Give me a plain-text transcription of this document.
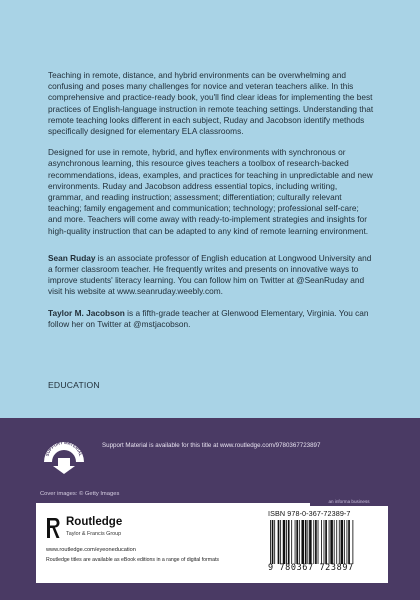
Teaching in remote, distance, and hybrid environments can be overwhelming and confusing and poses many challenges for novice and veteran teachers alike. In this comprehensive and practice-ready book, you'll find clear ideas for implementing the best practices of English-language instruction in remote teaching settings. Understanding that remote teaching looks different in each subject, Ruday and Jacobson identify methods specifically designed for elementary ELA classrooms.

Designed for use in remote, hybrid, and hyflex environments with synchronous or asynchronous learning, this resource gives teachers a toolbox of research-backed recommendations, ideas, examples, and practices for teaching in unpredictable and new environments. Ruday and Jacobson address essential topics, including writing, grammar, and reading instruction; assessment; differentiation; culturally relevant teaching; family engagement and communication; technology; professional self-care; and more. Teachers will come away with ready-to-implement strategies and insights for high-quality instruction that can be adapted to any kind of remote learning environment.

Sean Ruday is an associate professor of English education at Longwood University and a former classroom teacher. He frequently writes and presents on innovative ways to improve students' literacy learning. You can follow him on Twitter at @SeanRuday and visit his website at www.seanruday.weebly.com.

Taylor M. Jacobson is a fifth-grade teacher at Glenwood Elementary, Virginia. You can follow her on Twitter at @mstjacobson.

EDUCATION
SUPPORT MATERIAL
Support Material is available for this title at www.routledge.com/9780367723897
Cover images: © Getty Images
an informa business
Routledge
Taylor & Francis Group
www.routledge.com/eyeoneducation
Routledge titles are available as eBook editions in a range of digital formats
ISBN 978-0-367-72389-7
9 780367 723897
